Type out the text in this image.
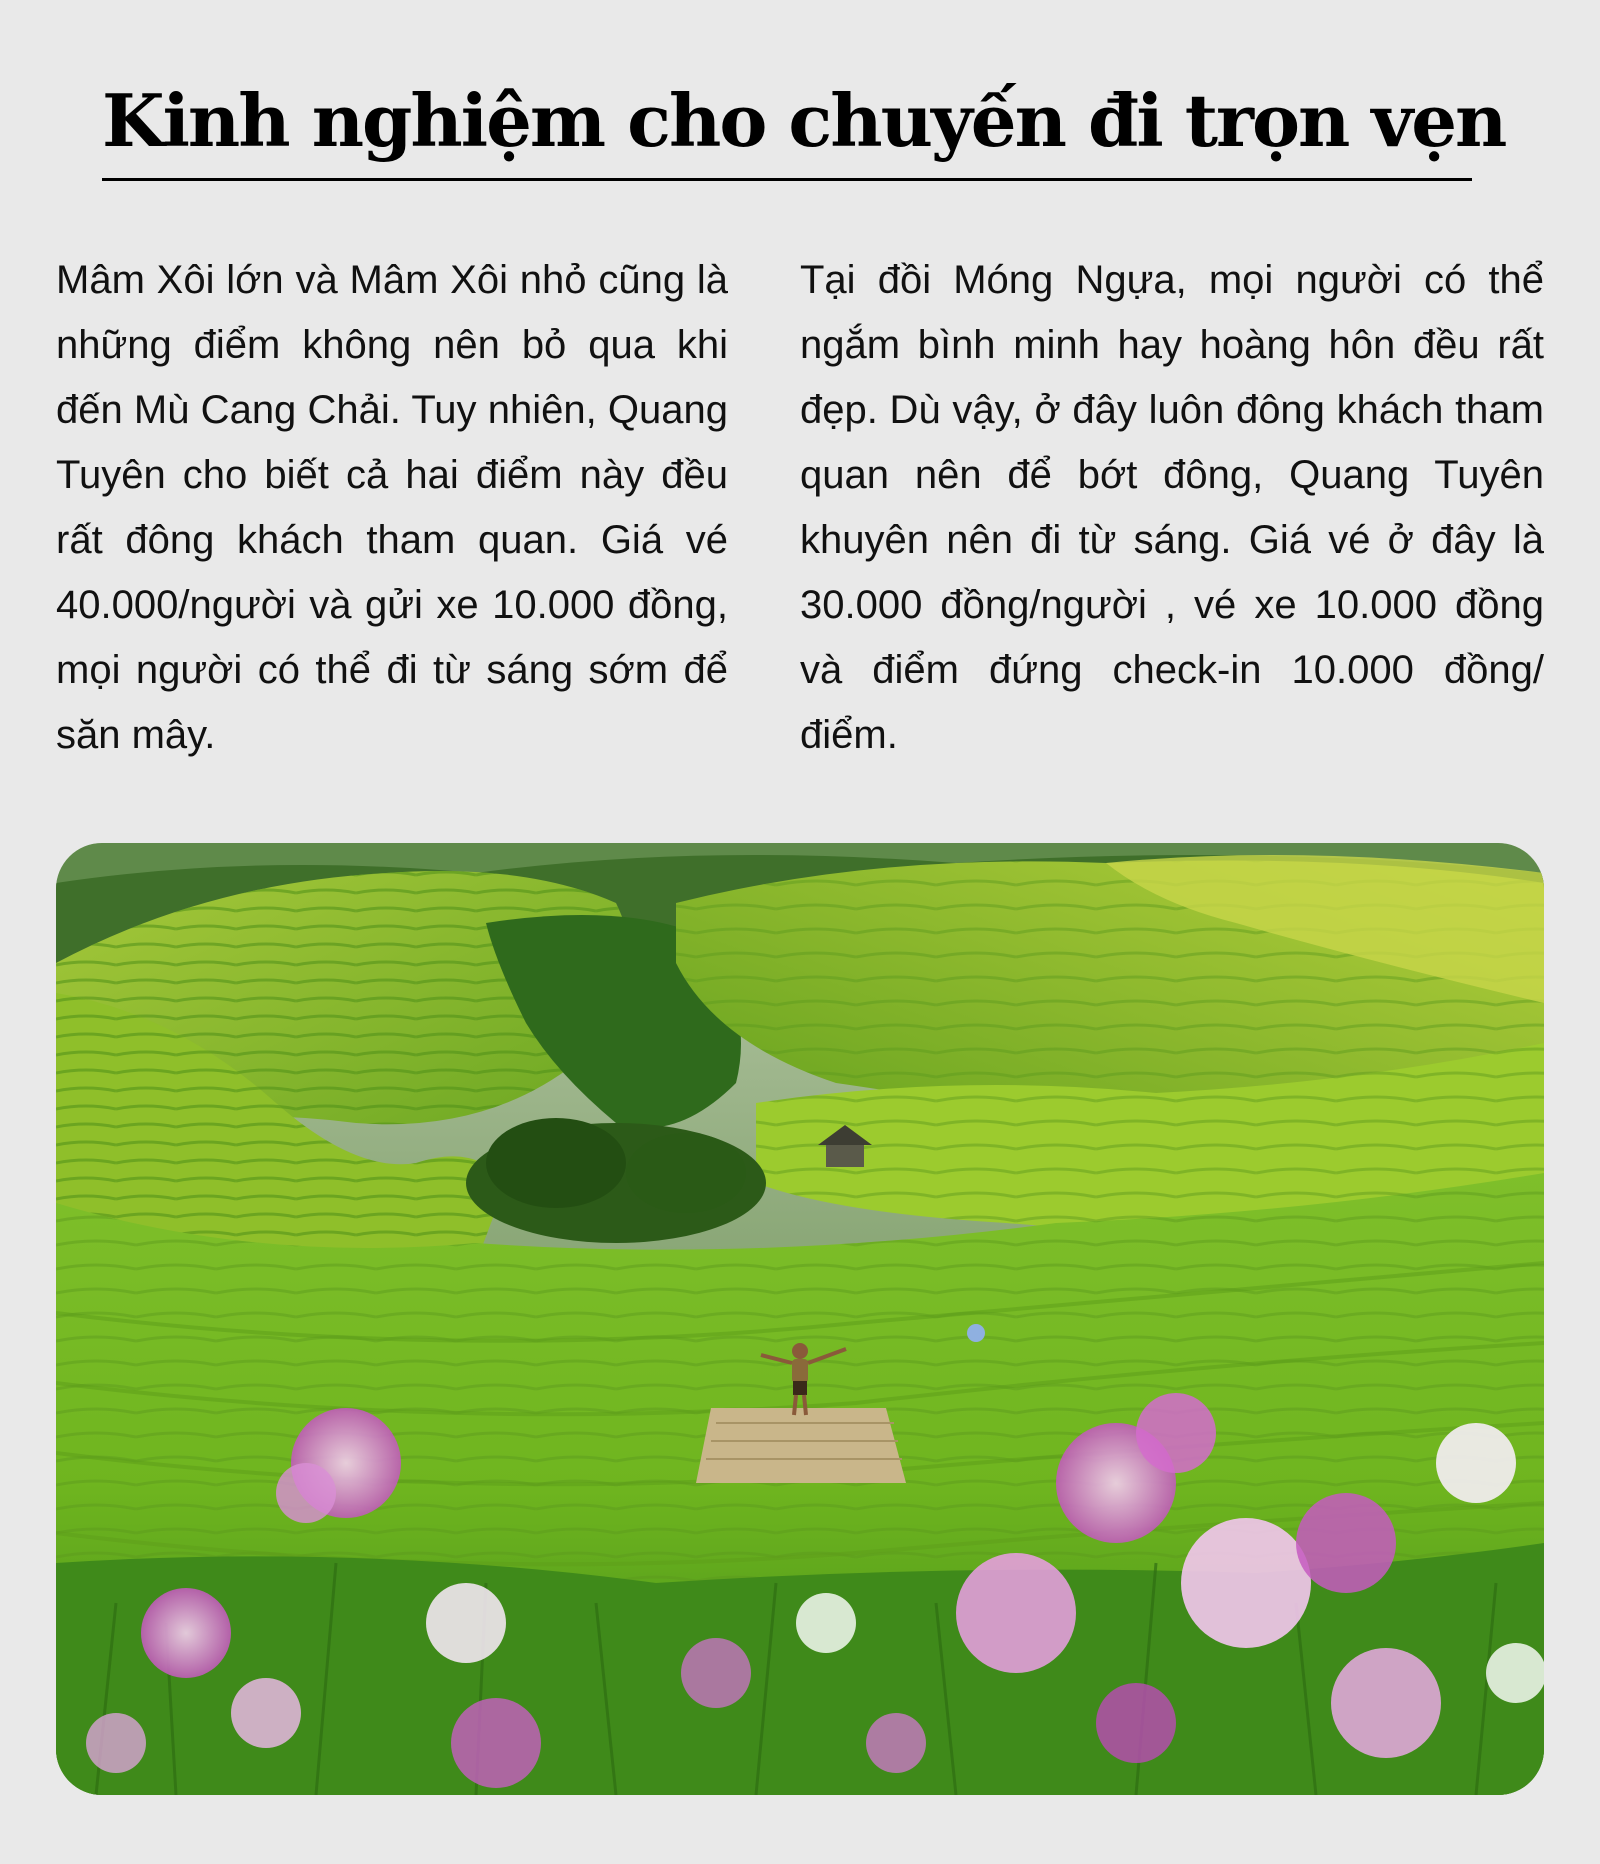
Kinh nghiệm cho chuyến đi trọn vẹn

Mâm Xôi lớn và Mâm Xôi nhỏ cũng là những điểm không nên bỏ qua khi đến Mù Cang Chải. Tuy nhiên, Quang Tuyên cho biết cả hai điểm này đều rất đông khách tham quan. Giá vé 40.000/người và gửi xe 10.000 đồng, mọi người có thể đi từ sáng sớm để săn mây.

Tại đồi Móng Ngựa, mọi người có thể ngắm bình minh hay hoàng hôn đều rất đẹp. Dù vậy, ở đây luôn đông khách tham quan nên để bớt đông, Quang Tuyên khuyên nên đi từ sáng. Giá vé ở đây là 30.000 đồng/người , vé xe 10.000 đồng và điểm đứng check-in 10.000 đồng/điểm.
